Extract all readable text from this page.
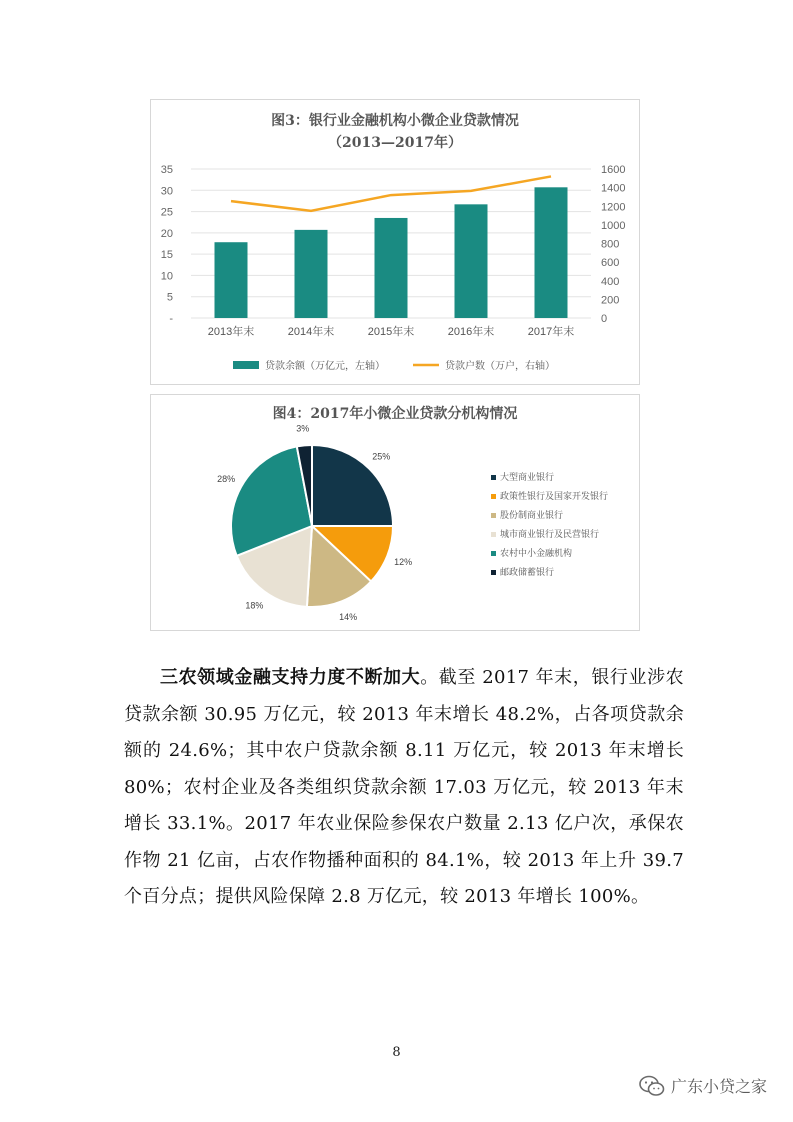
图3：银行业金融机构小微企业贷款情况
（2013—2017年）
-
5
10
15
20
25
30
35
0
200
400
600
800
1000
1200
1400
1600
2013年末	2014年末	2015年末	2016年末	2017年末
贷款余额（万亿元，左轴）	贷款户数（万户，右轴）
图4：2017年小微企业贷款分机构情况
25%
12%
14%
18%
28%
3%
大型商业银行
政策性银行及国家开发银行
股份制商业银行
城市商业银行及民营银行
农村中小金融机构
邮政储蓄银行

三农领域金融支持力度不断加大。截至 2017 年末，银行业涉农贷款余额 30.95 万亿元，较 2013 年末增长 48.2%，占各项贷款余额的 24.6%；其中农户贷款余额 8.11 万亿元，较 2013 年末增长 80%；农村企业及各类组织贷款余额 17.03 万亿元，较 2013 年末增长 33.1%。2017 年农业保险参保农户数量 2.13 亿户次，承保农作物 21 亿亩，占农作物播种面积的 84.1%，较 2013 年上升 39.7 个百分点；提供风险保障 2.8 万亿元，较 2013 年增长 100%。

8
广东小贷之家
